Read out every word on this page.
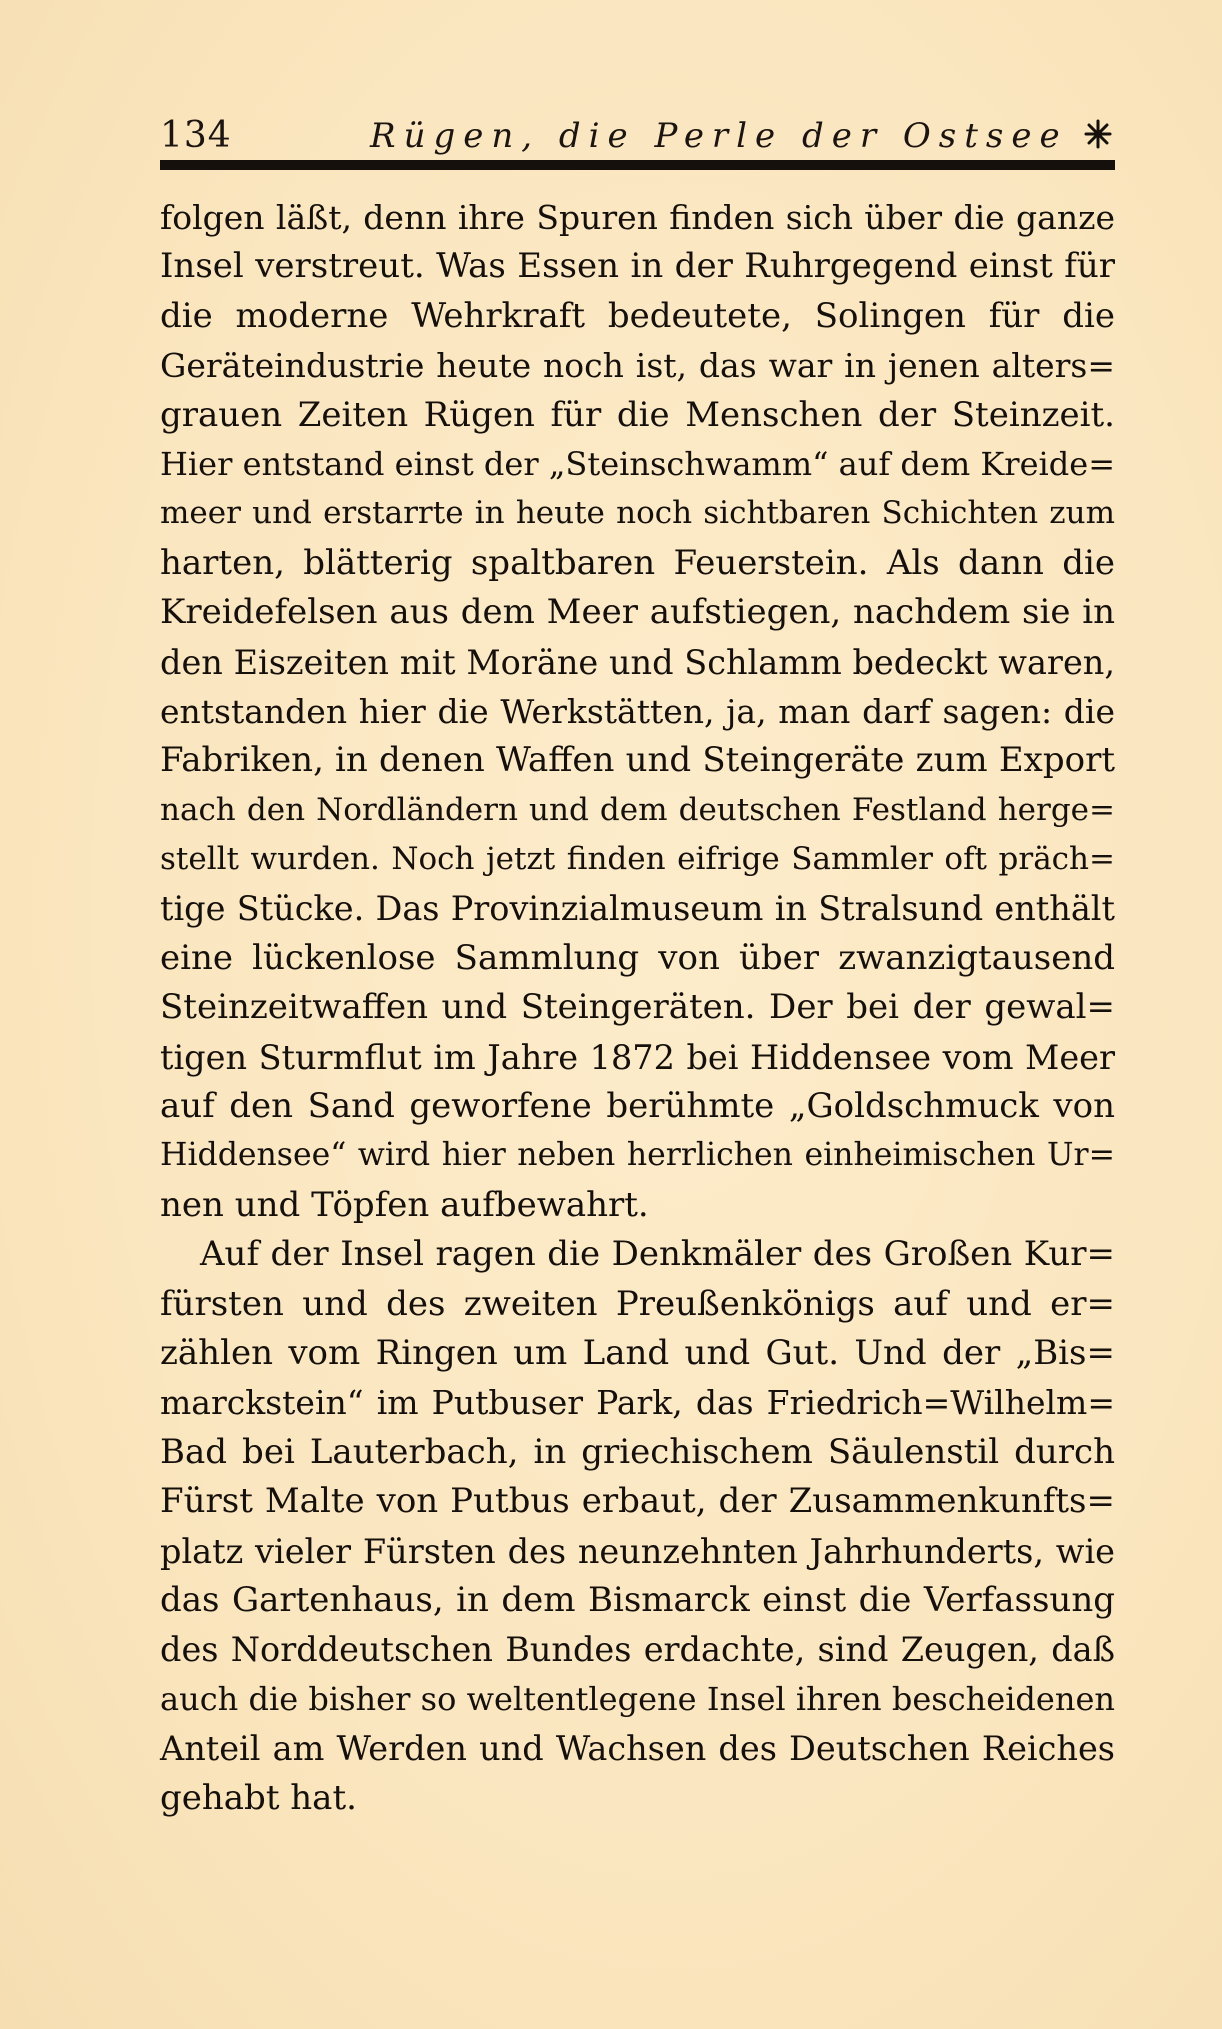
134	Rügen, die Perle der Ostsee
folgen läßt, denn ihre Spuren finden sich über die ganze
Insel verstreut. Was Essen in der Ruhrgegend einst für
die moderne Wehrkraft bedeutete, Solingen für die
Geräteindustrie heute noch ist, das war in jenen alters=
grauen Zeiten Rügen für die Menschen der Steinzeit.
Hier entstand einst der „Steinschwamm“ auf dem Kreide=
meer und erstarrte in heute noch sichtbaren Schichten zum
harten, blätterig spaltbaren Feuerstein. Als dann die
Kreidefelsen aus dem Meer aufstiegen, nachdem sie in
den Eiszeiten mit Moräne und Schlamm bedeckt waren,
entstanden hier die Werkstätten, ja, man darf sagen: die
Fabriken, in denen Waffen und Steingeräte zum Export
nach den Nordländern und dem deutschen Festland herge=
stellt wurden. Noch jetzt finden eifrige Sammler oft präch=
tige Stücke. Das Provinzialmuseum in Stralsund enthält
eine lückenlose Sammlung von über zwanzigtausend
Steinzeitwaffen und Steingeräten. Der bei der gewal=
tigen Sturmflut im Jahre 1872 bei Hiddensee vom Meer
auf den Sand geworfene berühmte „Goldschmuck von
Hiddensee“ wird hier neben herrlichen einheimischen Ur=
nen und Töpfen aufbewahrt.
Auf der Insel ragen die Denkmäler des Großen Kur=
fürsten und des zweiten Preußenkönigs auf und er=
zählen vom Ringen um Land und Gut. Und der „Bis=
marckstein“ im Putbuser Park, das Friedrich=Wilhelm=
Bad bei Lauterbach, in griechischem Säulenstil durch
Fürst Malte von Putbus erbaut, der Zusammenkunfts=
platz vieler Fürsten des neunzehnten Jahrhunderts, wie
das Gartenhaus, in dem Bismarck einst die Verfassung
des Norddeutschen Bundes erdachte, sind Zeugen, daß
auch die bisher so weltentlegene Insel ihren bescheidenen
Anteil am Werden und Wachsen des Deutschen Reiches
gehabt hat.
